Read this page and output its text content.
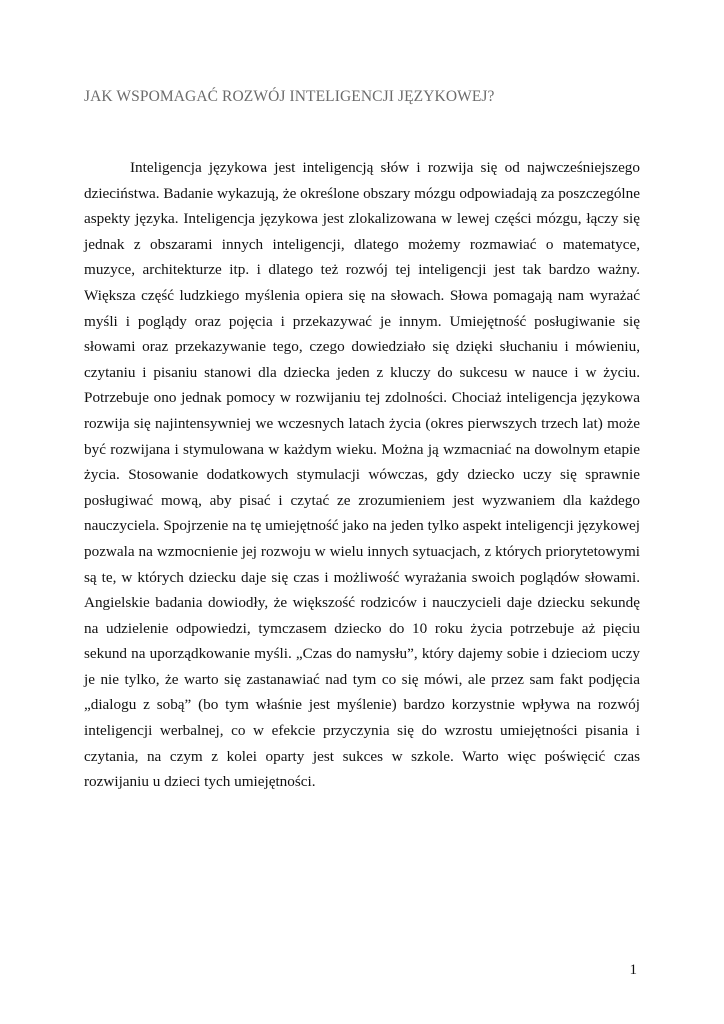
JAK WSPOMAGAĆ ROZWÓJ INTELIGENCJI JĘZYKOWEJ?

Inteligencja językowa jest inteligencją słów i rozwija się od najwcześniejszego dzieciństwa. Badanie wykazują, że określone obszary mózgu odpowiadają za poszczególne aspekty języka. Inteligencja językowa jest zlokalizowana w lewej części mózgu, łączy się jednak z obszarami innych inteligencji, dlatego możemy rozmawiać o matematyce, muzyce, architekturze itp. i dlatego też rozwój tej inteligencji jest tak bardzo ważny. Większa część ludzkiego myślenia opiera się na słowach. Słowa pomagają nam wyrażać myśli i poglądy oraz pojęcia i przekazywać je innym. Umiejętność posługiwanie się słowami oraz przekazywanie tego, czego dowiedziało się dzięki słuchaniu i mówieniu, czytaniu i pisaniu stanowi dla dziecka jeden z kluczy do sukcesu w nauce i w życiu. Potrzebuje ono jednak pomocy w rozwijaniu tej zdolności. Chociaż inteligencja językowa rozwija się najintensywniej we wczesnych latach życia (okres pierwszych trzech lat) może być rozwijana i stymulowana w każdym wieku. Można ją wzmacniać na dowolnym etapie życia. Stosowanie dodatkowych stymulacji wówczas, gdy dziecko uczy się sprawnie posługiwać mową, aby pisać i czytać ze zrozumieniem jest wyzwaniem dla każdego nauczyciela. Spojrzenie na tę umiejętność jako na jeden tylko aspekt inteligencji językowej pozwala na wzmocnienie jej rozwoju w wielu innych sytuacjach, z których priorytetowymi są te, w których dziecku daje się czas i możliwość wyrażania swoich poglądów słowami. Angielskie badania dowiodły, że większość rodziców i nauczycieli daje dziecku sekundę na udzielenie odpowiedzi, tymczasem dziecko do 10 roku życia potrzebuje aż pięciu sekund na uporządkowanie myśli. „Czas do namysłu”, który dajemy sobie i dzieciom uczy je nie tylko, że warto się zastanawiać nad tym co się mówi, ale przez sam fakt podjęcia „dialogu z sobą” (bo tym właśnie jest myślenie) bardzo korzystnie wpływa na rozwój inteligencji werbalnej, co w efekcie przyczynia się do wzrostu umiejętności pisania i czytania, na czym z kolei oparty jest sukces w szkole. Warto więc poświęcić czas rozwijaniu u dzieci tych umiejętności.

1
